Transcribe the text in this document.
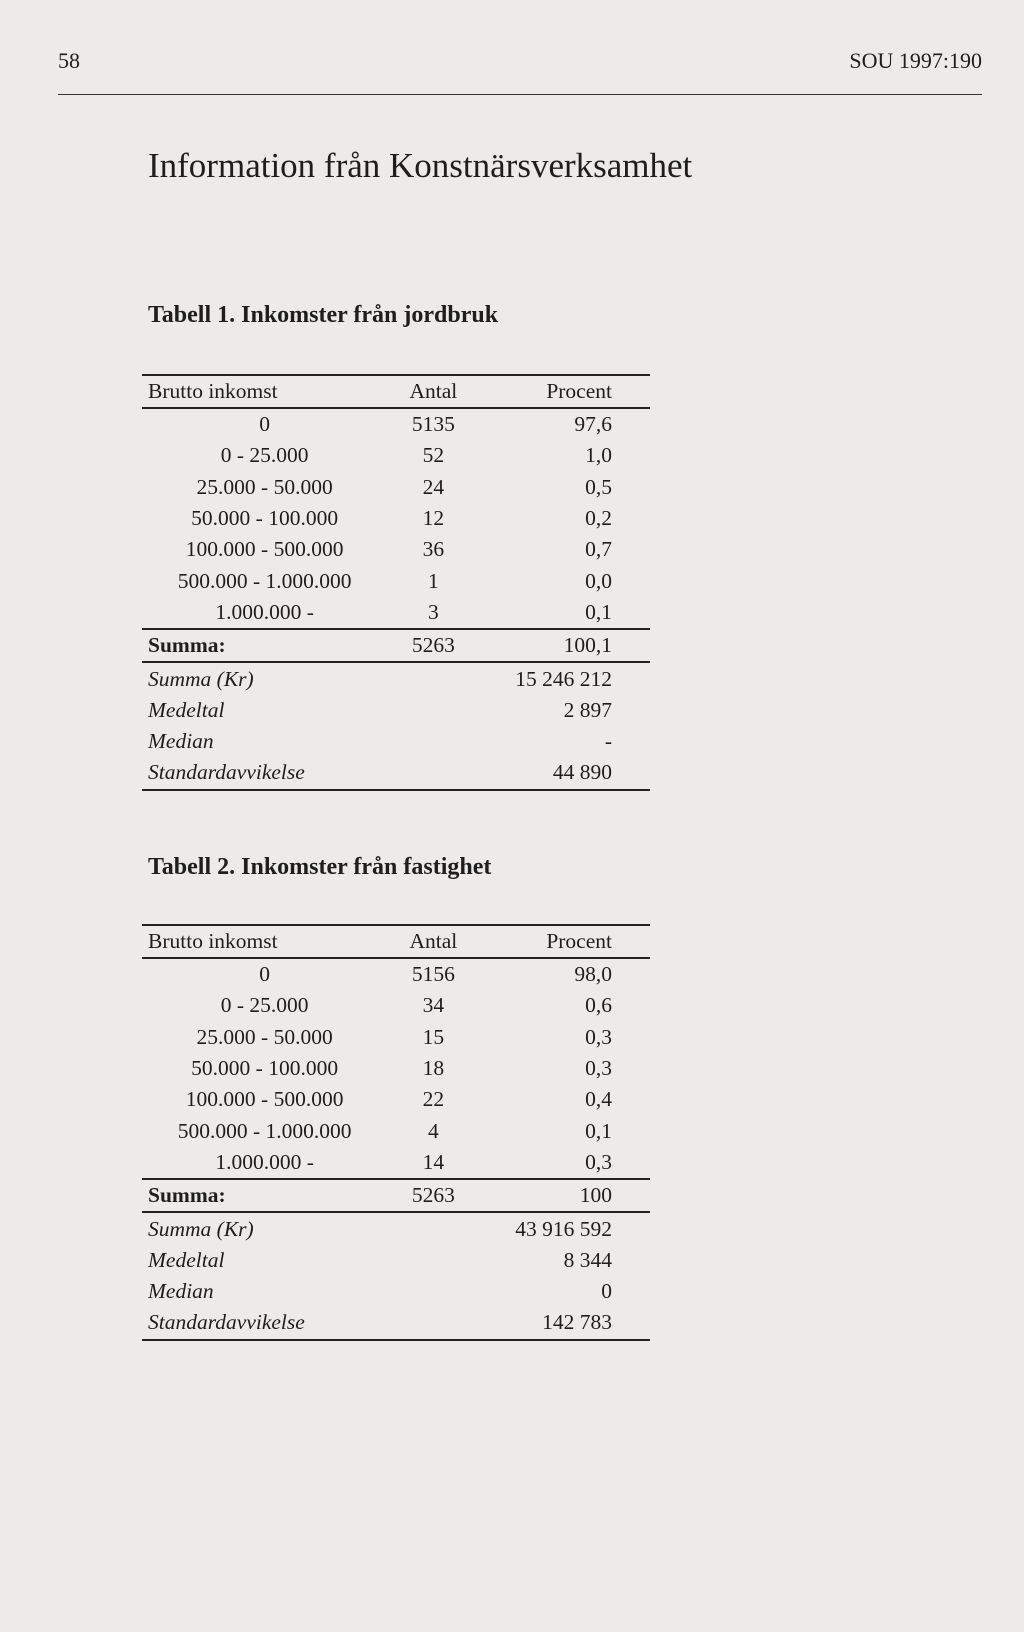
58	SOU 1997:190
Information från Konstnärsverksamhet
Tabell 1. Inkomster från jordbruk
Brutto inkomst	Antal	Procent
0	5135	97,6
0 - 25.000	52	1,0
25.000 - 50.000	24	0,5
50.000 - 100.000	12	0,2
100.000 - 500.000	36	0,7
500.000 - 1.000.000	1	0,0
1.000.000 -	3	0,1
Summa:	5263	100,1
Summa (Kr)		15 246 212
Medeltal		2 897
Median		-
Standardavvikelse		44 890
Tabell 2. Inkomster från fastighet
Brutto inkomst	Antal	Procent
0	5156	98,0
0 - 25.000	34	0,6
25.000 - 50.000	15	0,3
50.000 - 100.000	18	0,3
100.000 - 500.000	22	0,4
500.000 - 1.000.000	4	0,1
1.000.000 -	14	0,3
Summa:	5263	100
Summa (Kr)		43 916 592
Medeltal		8 344
Median		0
Standardavvikelse		142 783
